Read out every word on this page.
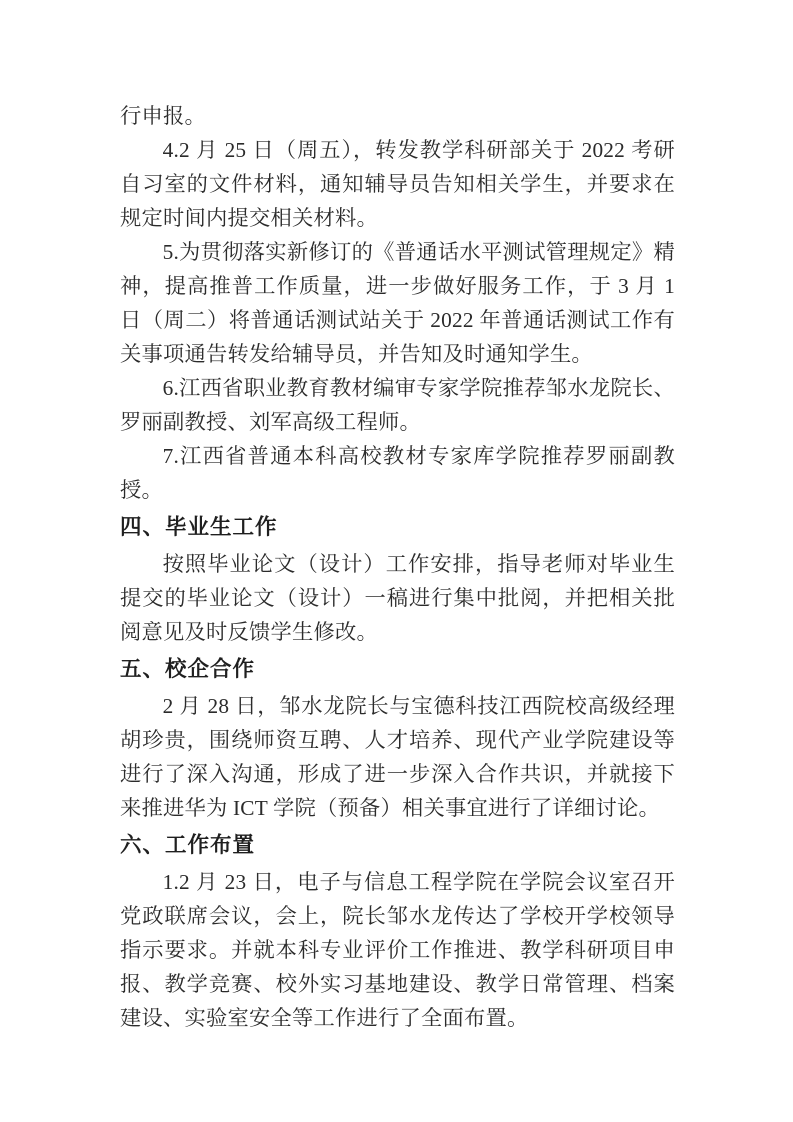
行申报。

4.2 月 25 日（周五），转发教学科研部关于 2022 考研自习室的文件材料，通知辅导员告知相关学生，并要求在规定时间内提交相关材料。

5.为贯彻落实新修订的《普通话水平测试管理规定》精神，提高推普工作质量，进一步做好服务工作，于 3 月 1 日（周二）将普通话测试站关于 2022 年普通话测试工作有关事项通告转发给辅导员，并告知及时通知学生。

6.江西省职业教育教材编审专家学院推荐邹水龙院长、罗丽副教授、刘军高级工程师。

7.江西省普通本科高校教材专家库学院推荐罗丽副教授。

四、毕业生工作

按照毕业论文（设计）工作安排，指导老师对毕业生提交的毕业论文（设计）一稿进行集中批阅，并把相关批阅意见及时反馈学生修改。

五、校企合作

2 月 28 日，邹水龙院长与宝德科技江西院校高级经理胡珍贵，围绕师资互聘、人才培养、现代产业学院建设等进行了深入沟通，形成了进一步深入合作共识，并就接下来推进华为 ICT 学院（预备）相关事宜进行了详细讨论。

六、工作布置

1.2 月 23 日，电子与信息工程学院在学院会议室召开党政联席会议，会上，院长邹水龙传达了学校开学校领导指示要求。并就本科专业评价工作推进、教学科研项目申报、教学竞赛、校外实习基地建设、教学日常管理、档案建设、实验室安全等工作进行了全面布置。
